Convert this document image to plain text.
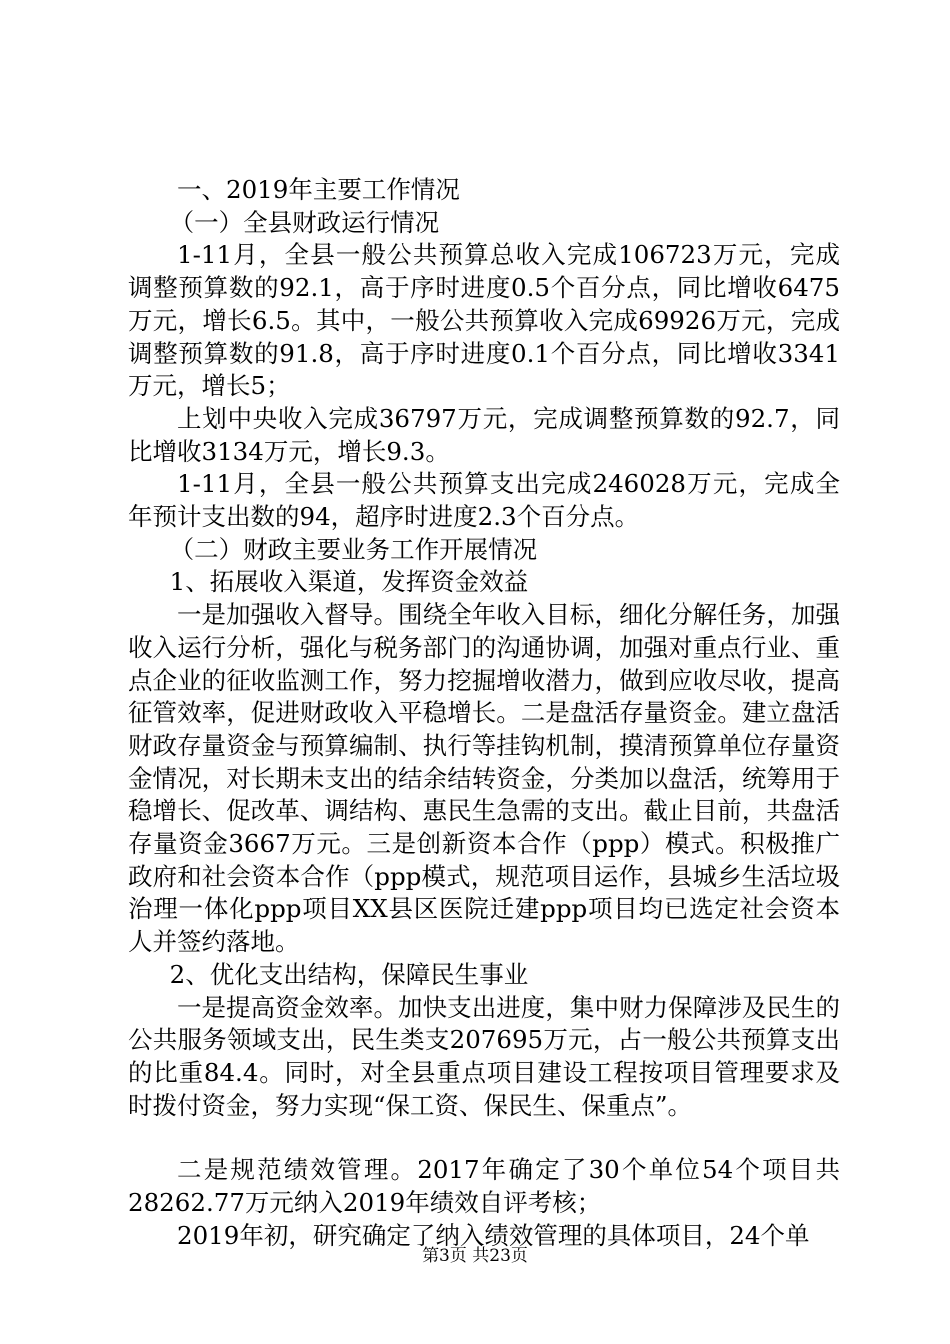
一、2019年主要工作情况

（一）全县财政运行情况

1-11月，全县一般公共预算总收入完成106723万元，完成调整预算数的92.1，高于序时进度0.5个百分点，同比增收6475万元，增长6.5。其中，一般公共预算收入完成69926万元，完成调整预算数的91.8，高于序时进度0.1个百分点，同比增收3341万元，增长5；

上划中央收入完成36797万元，完成调整预算数的92.7，同比增收3134万元，增长9.3。

1-11月，全县一般公共预算支出完成246028万元，完成全年预计支出数的94，超序时进度2.3个百分点。

（二）财政主要业务工作开展情况

1、拓展收入渠道，发挥资金效益

一是加强收入督导。围绕全年收入目标，细化分解任务，加强收入运行分析，强化与税务部门的沟通协调，加强对重点行业、重点企业的征收监测工作，努力挖掘增收潜力，做到应收尽收，提高征管效率，促进财政收入平稳增长。二是盘活存量资金。建立盘活财政存量资金与预算编制、执行等挂钩机制，摸清预算单位存量资金情况，对长期未支出的结余结转资金，分类加以盘活，统筹用于稳增长、促改革、调结构、惠民生急需的支出。截止目前，共盘活存量资金3667万元。三是创新资本合作（ppp）模式。积极推广政府和社会资本合作（ppp模式，规范项目运作，县城乡生活垃圾治理一体化ppp项目XX县区医院迁建ppp项目均已选定社会资本人并签约落地。

2、优化支出结构，保障民生事业

一是提高资金效率。加快支出进度，集中财力保障涉及民生的公共服务领域支出，民生类支207695万元，占一般公共预算支出的比重84.4。同时，对全县重点项目建设工程按项目管理要求及时拨付资金，努力实现“保工资、保民生、保重点”。

二是规范绩效管理。2017年确定了30个单位54个项目共28262.77万元纳入2019年绩效自评考核；

2019年初，研究确定了纳入绩效管理的具体项目，24个单

第3页 共23页
